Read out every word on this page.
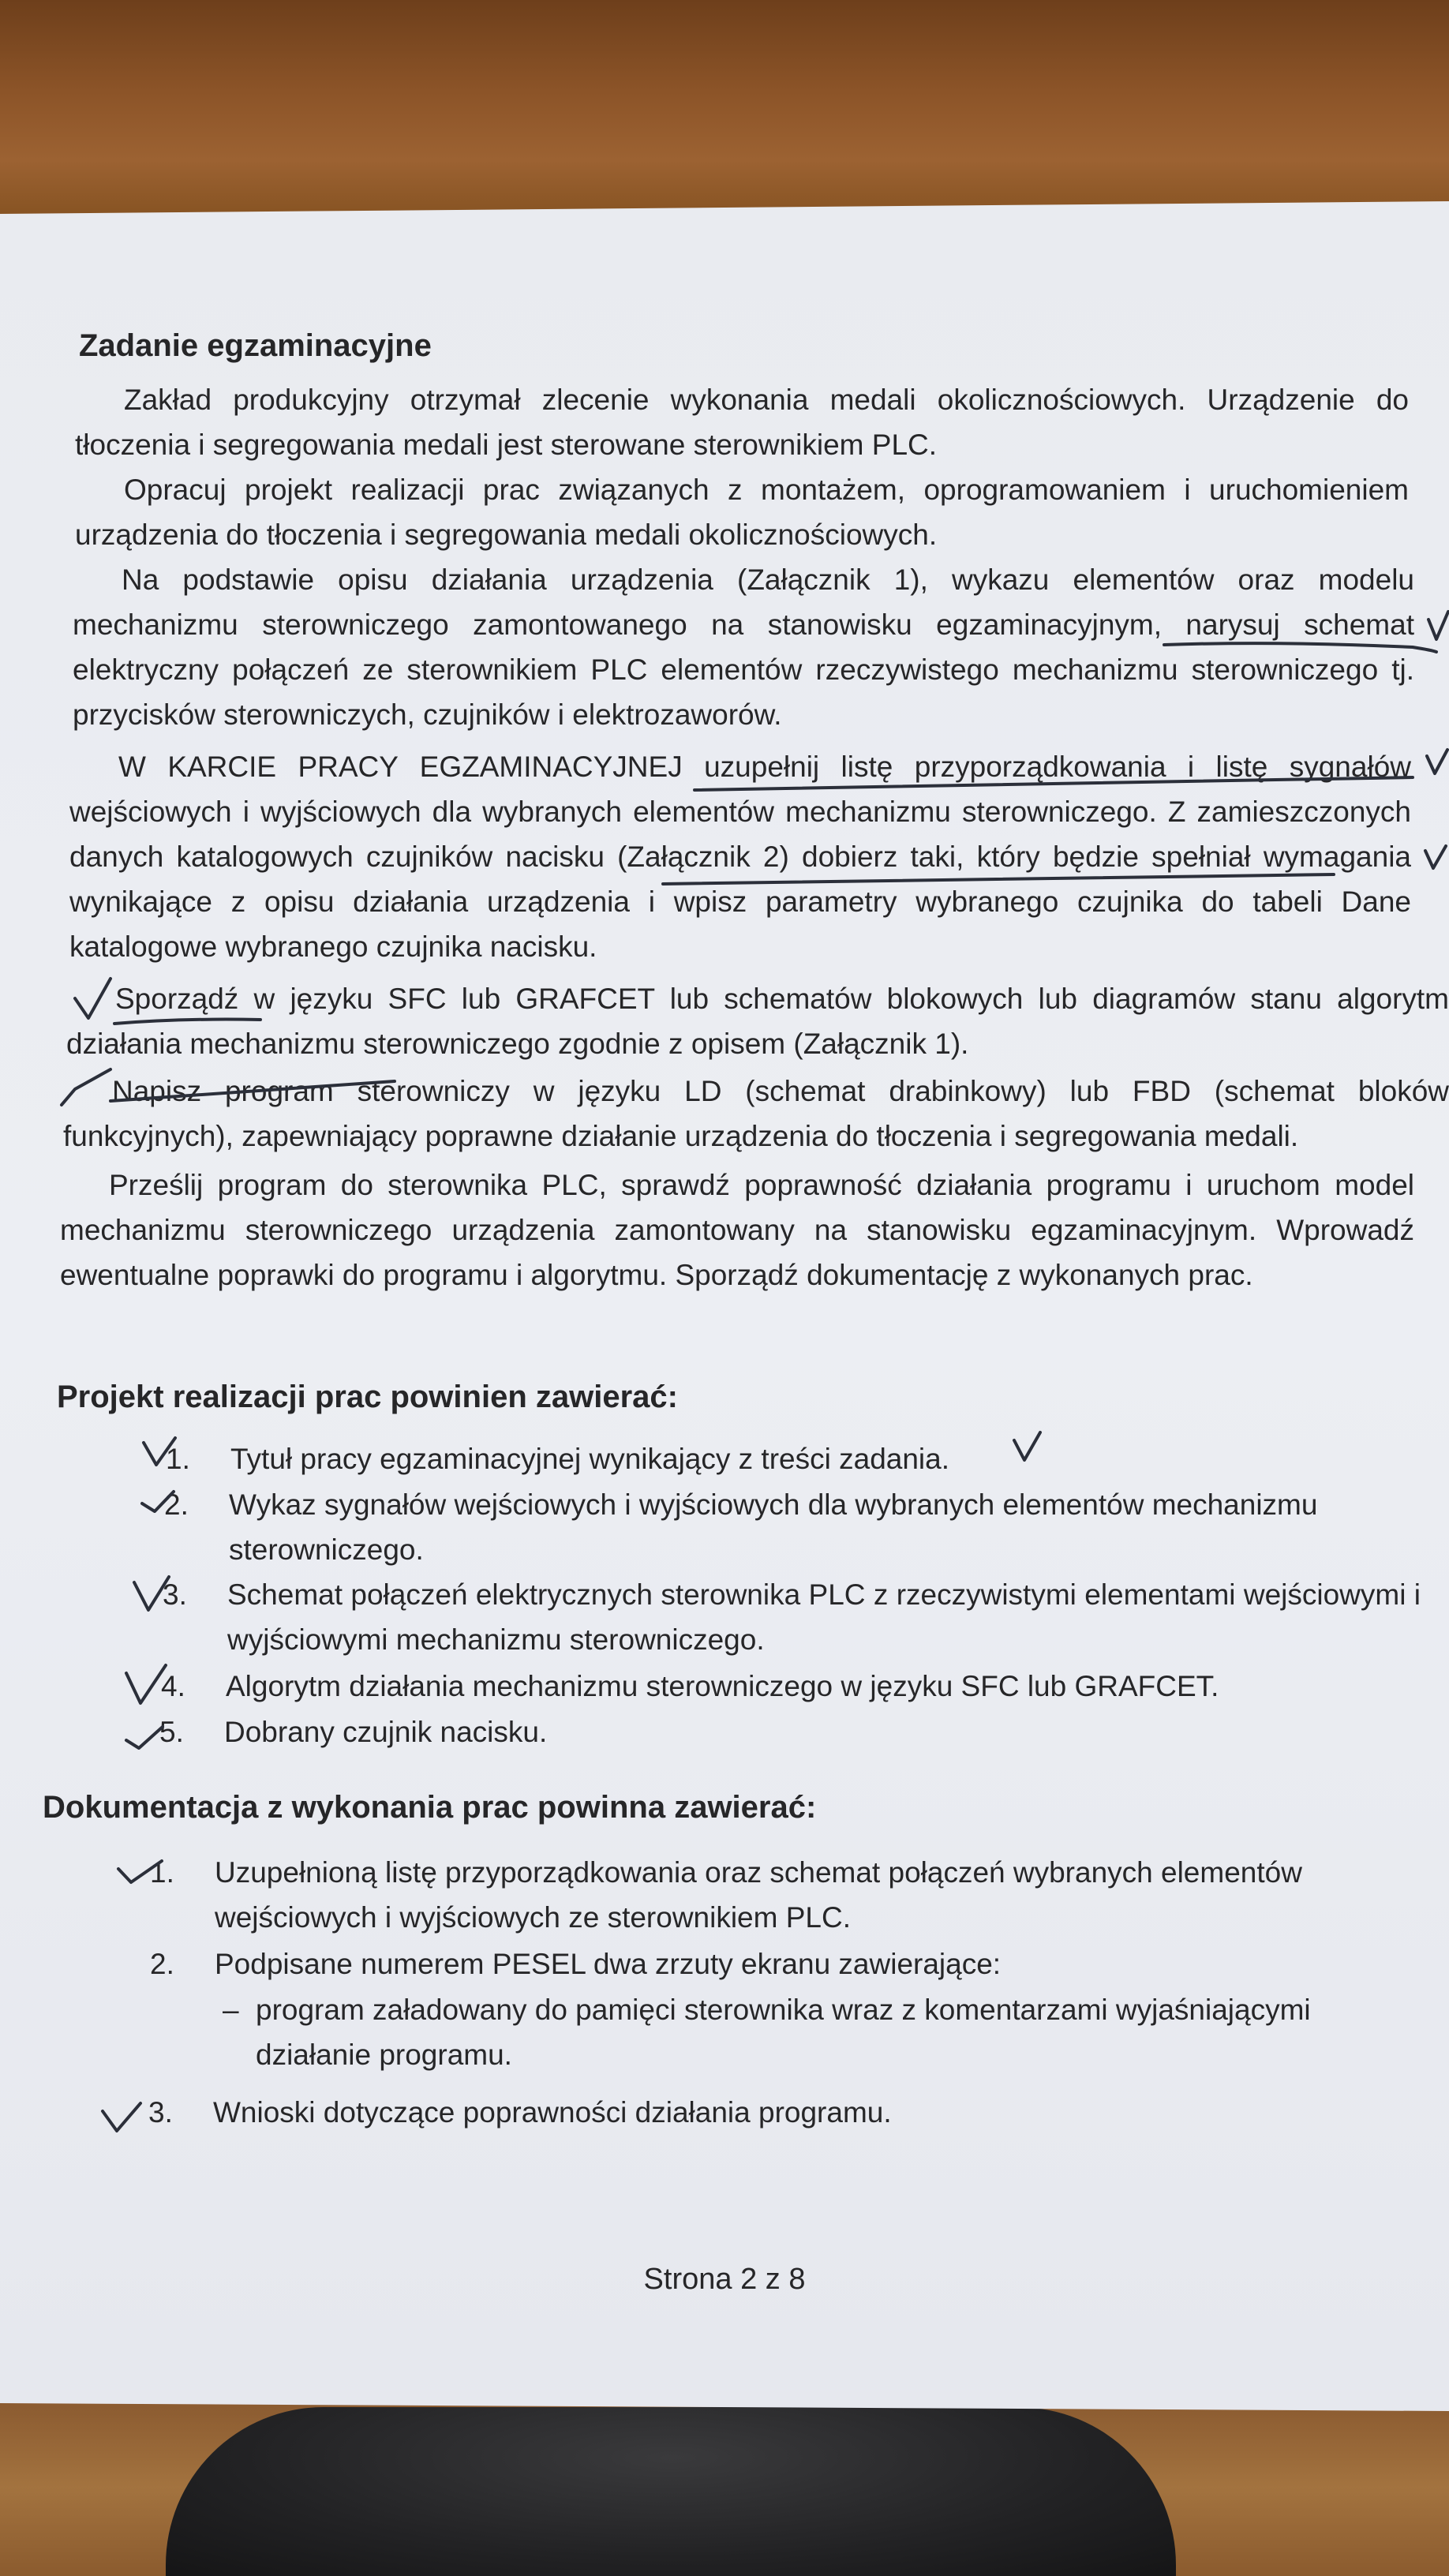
Zadanie egzaminacyjne
Zakład produkcyjny otrzymał zlecenie wykonania medali okolicznościowych. Urządzenie do tłoczenia i segregowania medali jest sterowane sterownikiem PLC.
Opracuj projekt realizacji prac związanych z montażem, oprogramowaniem i uruchomieniem urządzenia do tłoczenia i segregowania medali okolicznościowych.
Na podstawie opisu działania urządzenia (Załącznik 1), wykazu elementów oraz modelu mechanizmu sterowniczego zamontowanego na stanowisku egzaminacyjnym, narysuj schemat elektryczny połączeń ze sterownikiem PLC elementów rzeczywistego mechanizmu sterowniczego tj. przycisków sterowniczych, czujników i elektrozaworów.
W KARCIE PRACY EGZAMINACYJNEJ uzupełnij listę przyporządkowania i listę sygnałów wejściowych i wyjściowych dla wybranych elementów mechanizmu sterowniczego. Z zamieszczonych danych katalogowych czujników nacisku (Załącznik 2) dobierz taki, który będzie spełniał wymagania wynikające z opisu działania urządzenia i wpisz parametry wybranego czujnika do tabeli Dane katalogowe wybranego czujnika nacisku.
Sporządź w języku SFC lub GRAFCET lub schematów blokowych lub diagramów stanu algorytm działania mechanizmu sterowniczego zgodnie z opisem (Załącznik 1).
Napisz program sterowniczy w języku LD (schemat drabinkowy) lub FBD (schemat bloków funkcyjnych), zapewniający poprawne działanie urządzenia do tłoczenia i segregowania medali.
Prześlij program do sterownika PLC, sprawdź poprawność działania programu i uruchom model mechanizmu sterowniczego urządzenia zamontowany na stanowisku egzaminacyjnym. Wprowadź ewentualne poprawki do programu i algorytmu. Sporządź dokumentację z wykonanych prac.
Projekt realizacji prac powinien zawierać:
1.	Tytuł pracy egzaminacyjnej wynikający z treści zadania.
2.	Wykaz sygnałów wejściowych i wyjściowych dla wybranych elementów mechanizmu sterowniczego.
3.	Schemat połączeń elektrycznych sterownika PLC z rzeczywistymi elementami wejściowymi i wyjściowymi mechanizmu sterowniczego.
4.	Algorytm działania mechanizmu sterowniczego w języku SFC lub GRAFCET.
5.	Dobrany czujnik nacisku.
Dokumentacja z wykonania prac powinna zawierać:
1.	Uzupełnioną listę przyporządkowania oraz schemat połączeń wybranych elementów wejściowych i wyjściowych ze sterownikiem PLC.
2.	Podpisane numerem PESEL dwa zrzuty ekranu zawierające:
– program załadowany do pamięci sterownika wraz z komentarzami wyjaśniającymi działanie programu.
3.	Wnioski dotyczące poprawności działania programu.
Strona 2 z 8
